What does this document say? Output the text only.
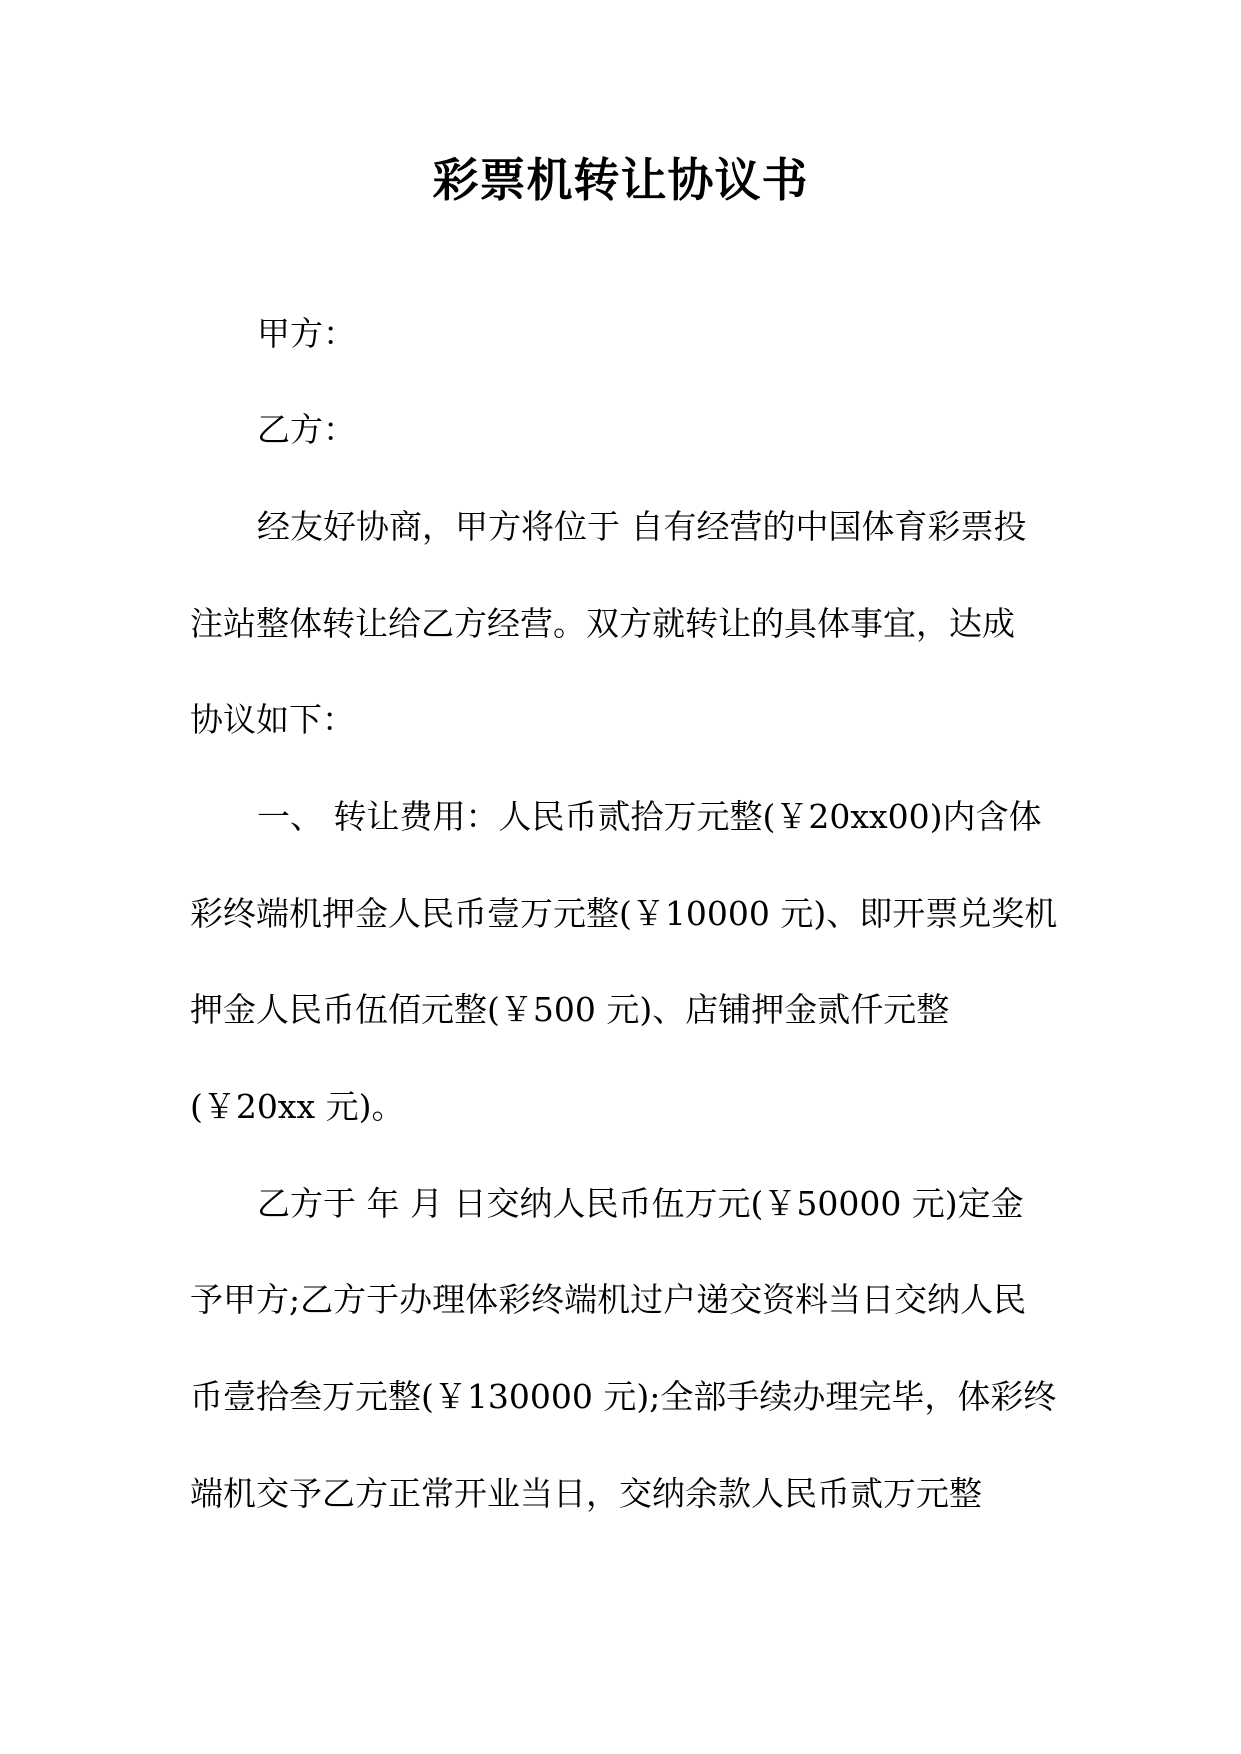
彩票机转让协议书
甲方：
乙方：
经友好协商，甲方将位于 自有经营的中国体育彩票投
注站整体转让给乙方经营。双方就转让的具体事宜，达成
协议如下：
一、 转让费用：人民币贰拾万元整(￥20xx00)内含体
彩终端机押金人民币壹万元整(￥10000 元)、即开票兑奖机
押金人民币伍佰元整(￥500 元)、店铺押金贰仟元整
(￥20xx 元)。
乙方于 年 月 日交纳人民币伍万元(￥50000 元)定金
予甲方;乙方于办理体彩终端机过户递交资料当日交纳人民
币壹拾叁万元整(￥130000 元);全部手续办理完毕，体彩终
端机交予乙方正常开业当日，交纳余款人民币贰万元整
